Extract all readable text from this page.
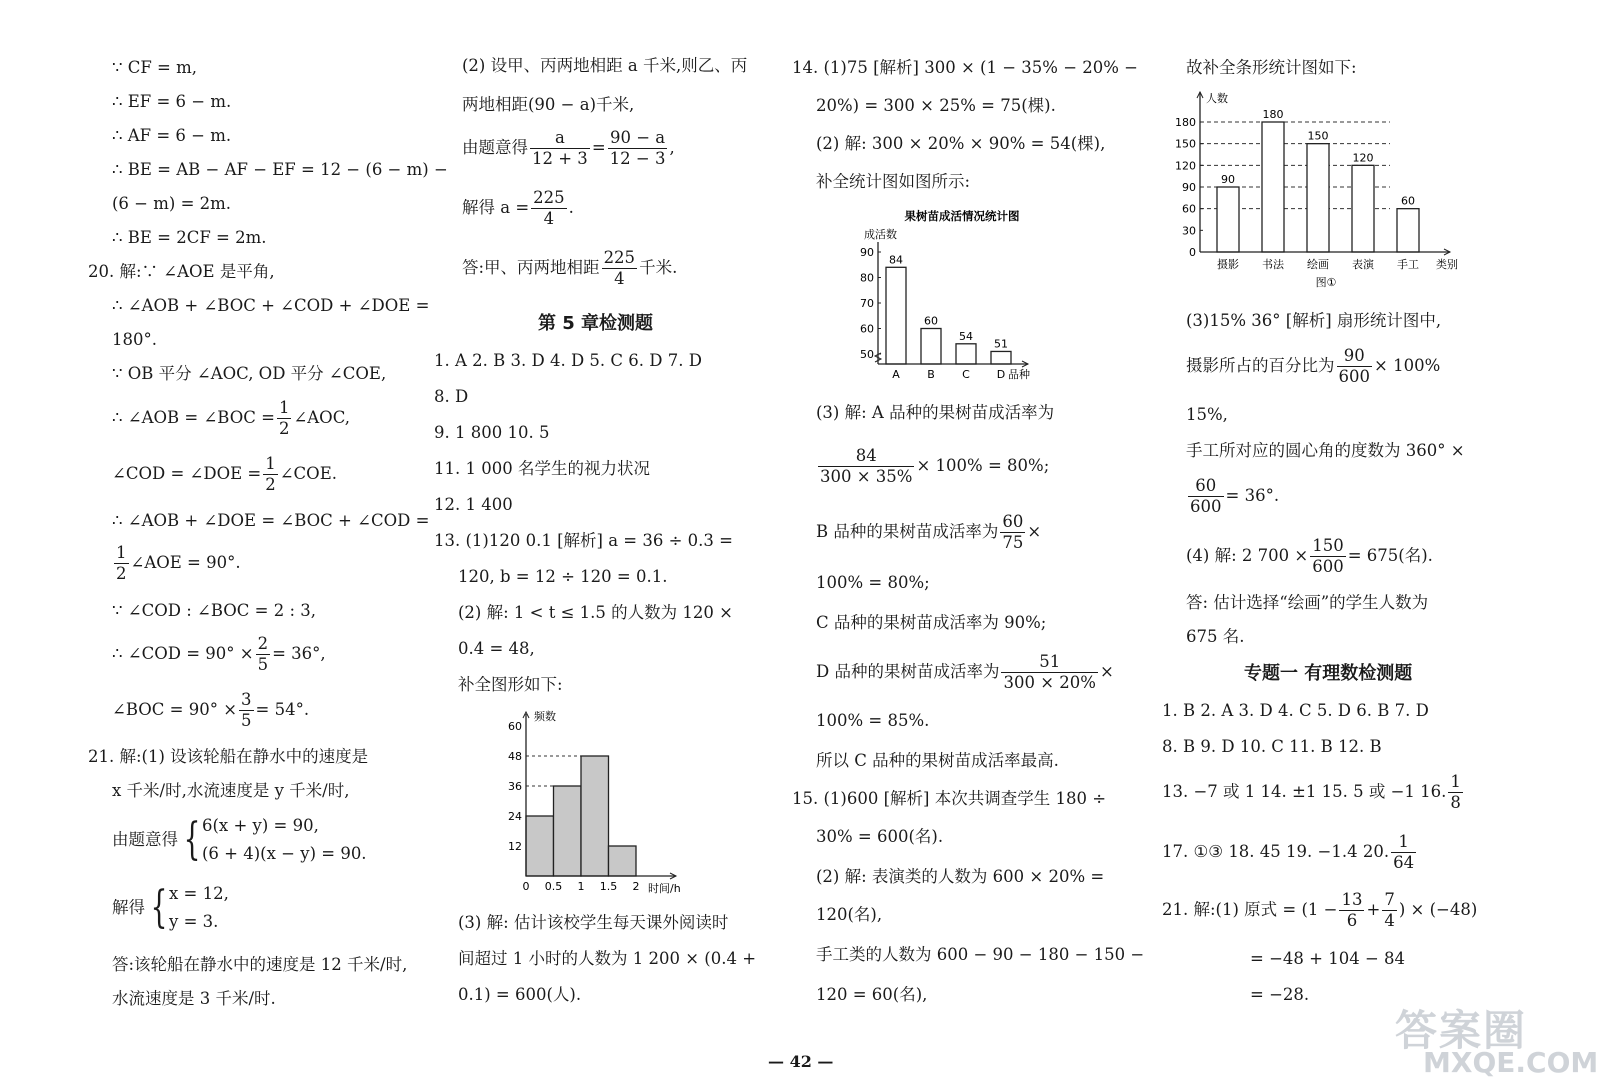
∵ CF = m,
∴ EF = 6 − m.
∴ AF = 6 − m.
∴ BE = AB − AF − EF = 12 − (6 − m) −
(6 − m) = 2m.
∴ BE = 2CF = 2m.
20. 解:∵ ∠AOE 是平角,
∴ ∠AOB + ∠BOC + ∠COD + ∠DOE =
180°.
∵ OB 平分 ∠AOC, OD 平分 ∠COE,
∴ ∠AOB = ∠BOC = $\frac{1}{2}$ ∠AOC,
∠COD = ∠DOE = $\frac{1}{2}$ ∠COE.
∴ ∠AOB + ∠DOE = ∠BOC + ∠COD =
$\frac{1}{2}$ ∠AOE = 90°.
∵ ∠COD : ∠BOC = 2 : 3,
∴ ∠COD = $90^\circ \times \frac{2}{5} = 36^\circ$,
∠BOC = $90^\circ \times \frac{3}{5} = 54^\circ$.
21. 解:(1) 设该轮船在静水中的速度是
x 千米/时,水流速度是 y 千米/时,
由题意得 { 6(x + y) = 90,
(6 + 4)(x − y) = 90.
解得 { x = 12,
y = 3.
答:该轮船在静水中的速度是 12 千米/时,
水流速度是 3 千米/时.
(2) 设甲、丙两地相距 a 千米,则乙、丙
两地相距(90 − a)千米,
由题意得 $\frac{a}{12 + 3} = \frac{90 - a}{12 - 3}$ ,
解得 $a = \frac{225}{4}$ .
答:甲、丙两地相距 $\frac{225}{4}$ 千米.
第 5 章检测题
1. A 2. B 3. D 4. D 5. C 6. D 7. D
8. D
9. 1 800 10. 5
11. 1 000 名学生的视力状况
12. 1 400
13. (1)120 0.1 [解析] a = 36 ÷ 0.3 =
120, b = 12 ÷ 120 = 0.1.
(2) 解: 1 < t ≤ 1.5 的人数为 120 ×
0.4 = 48,
补全图形如下:
12
24
36
48
60
0 0.5 1 1.5 2
频数
时间/h
(3) 解: 估计该校学生每天课外阅读时
间超过 1 小时的人数为 1 200 × (0.4 +
0.1) = 600(人).
14. (1)75 [解析] 300 × (1 − 35% − 20% −
20%) = 300 × 25% = 75(棵).
(2) 解: 300 × 20% × 90% = 54(棵),
补全统计图如图所示:
果树苗成活情况统计图
成活数
84
A
60
B
54
C
51
D
50
60
70
80
90
品种
(3) 解: A 品种的果树苗成活率为
$\frac{84}{300 \times 35\%} \times 100\% = 80\%$;
B 品种的果树苗成活率为 $\frac{60}{75}$ ×
100% = 80%;
C 品种的果树苗成活率为 90%;
D 品种的果树苗成活率为 $\frac{51}{300 \times 20\%}$ ×
100% = 85%.
所以 C 品种的果树苗成活率最高.
15. (1)600 [解析] 本次共调查学生 180 ÷
30% = 600(名).
(2) 解: 表演类的人数为 600 × 20% =
120(名),
手工类的人数为 600 − 90 − 180 − 150 −
120 = 60(名),
故补全条形统计图如下:
90
摄影
180
书法
150
绘画
120
表演
60
手工
0
30
60
90
120
150
180
人数
类别
图①
(3)15% 36° [解析] 扇形统计图中,
摄影所占的百分比为 $\frac{90}{600} \times 100\%$
15%,
手工所对应的圆心角的度数为 360° ×
$\frac{60}{600} = 36^\circ$.
(4) 解: 2 $700 \times \frac{150}{600} = 675$(名).
答: 估计选择“绘画”的学生人数为
675 名.
专题一 有理数检测题
1. B 2. A 3. D 4. C 5. D 6. B 7. D
8. B 9. D 10. C 11. B 12. B
13. −7 或 1 14. ±1 15. 5 或 −1 16. $\frac{1}{8}$
17. ①③ 18. 45 19. −1.4 20. $\frac{1}{64}$
21. 解:(1) 原式 = ($1 - \frac{13}{6} + \frac{7}{4}$ ) × (−48)
= −48 + 104 − 84
= −28.
— 42 —
答案圈
MXQE.COM
